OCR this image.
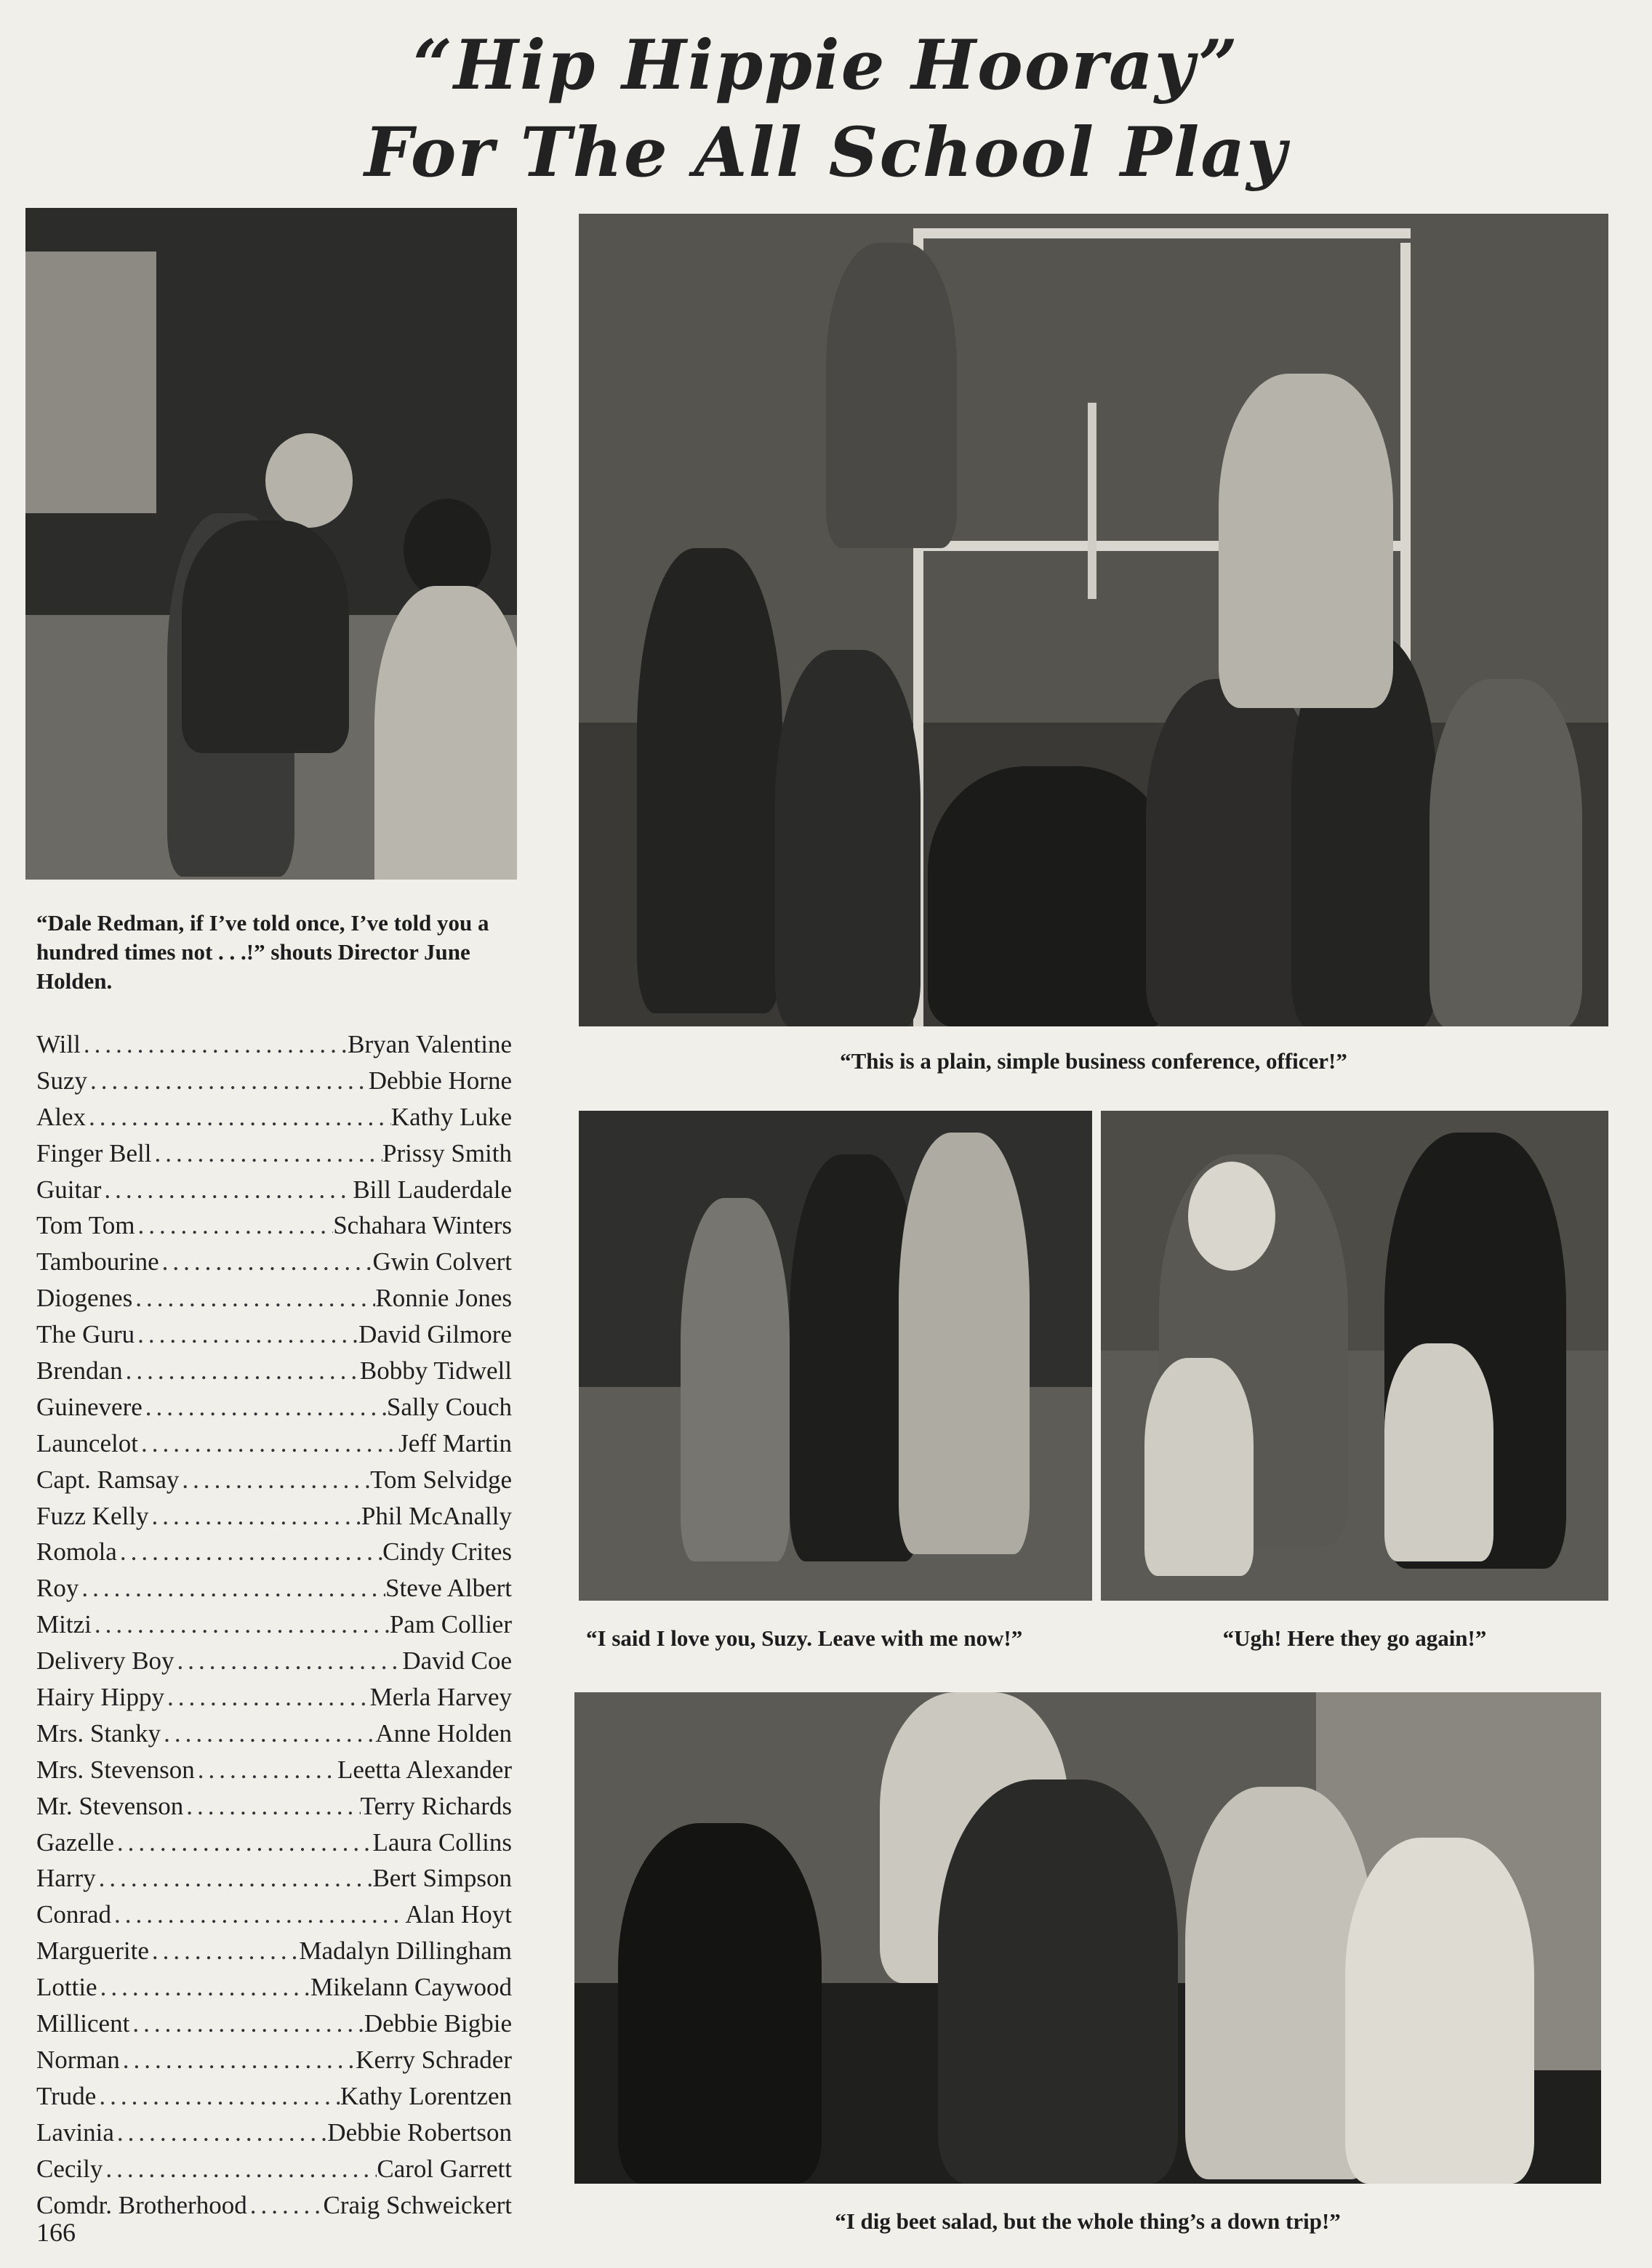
“Hip Hippie Hooray”
For The All School Play
“Dale Redman, if I’ve told once, I’ve told you a hundred times not . . .!” shouts Director June Holden.
“This is a plain, simple business conference, officer!”
“I said I love you, Suzy. Leave with me now!”	“Ugh! Here they go again!”
“I dig beet salad, but the whole thing’s a down trip!”
Will .....	Bryan Valentine
Suzy .....	Debbie Horne
Alex .....	Kathy Luke
Finger Bell .....	Prissy Smith
Guitar .....	Bill Lauderdale
Tom Tom .....	Schahara Winters
Tambourine .....	Gwin Colvert
Diogenes .....	Ronnie Jones
The Guru .....	David Gilmore
Brendan .....	Bobby Tidwell
Guinevere .....	Sally Couch
Launcelot .....	Jeff Martin
Capt. Ramsay .....	Tom Selvidge
Fuzz Kelly .....	Phil McAnally
Romola .....	Cindy Crites
Roy .....	Steve Albert
Mitzi .....	Pam Collier
Delivery Boy .....	David Coe
Hairy Hippy .....	Merla Harvey
Mrs. Stanky .....	Anne Holden
Mrs. Stevenson .....	Leetta Alexander
Mr. Stevenson .....	Terry Richards
Gazelle .....	Laura Collins
Harry .....	Bert Simpson
Conrad .....	Alan Hoyt
Marguerite .....	Madalyn Dillingham
Lottie .....	Mikelann Caywood
Millicent .....	Debbie Bigbie
Norman .....	Kerry Schrader
Trude .....	Kathy Lorentzen
Lavinia .....	Debbie Robertson
Cecily .....	Carol Garrett
Comdr. Brotherhood .....	Craig Schweickert
166
